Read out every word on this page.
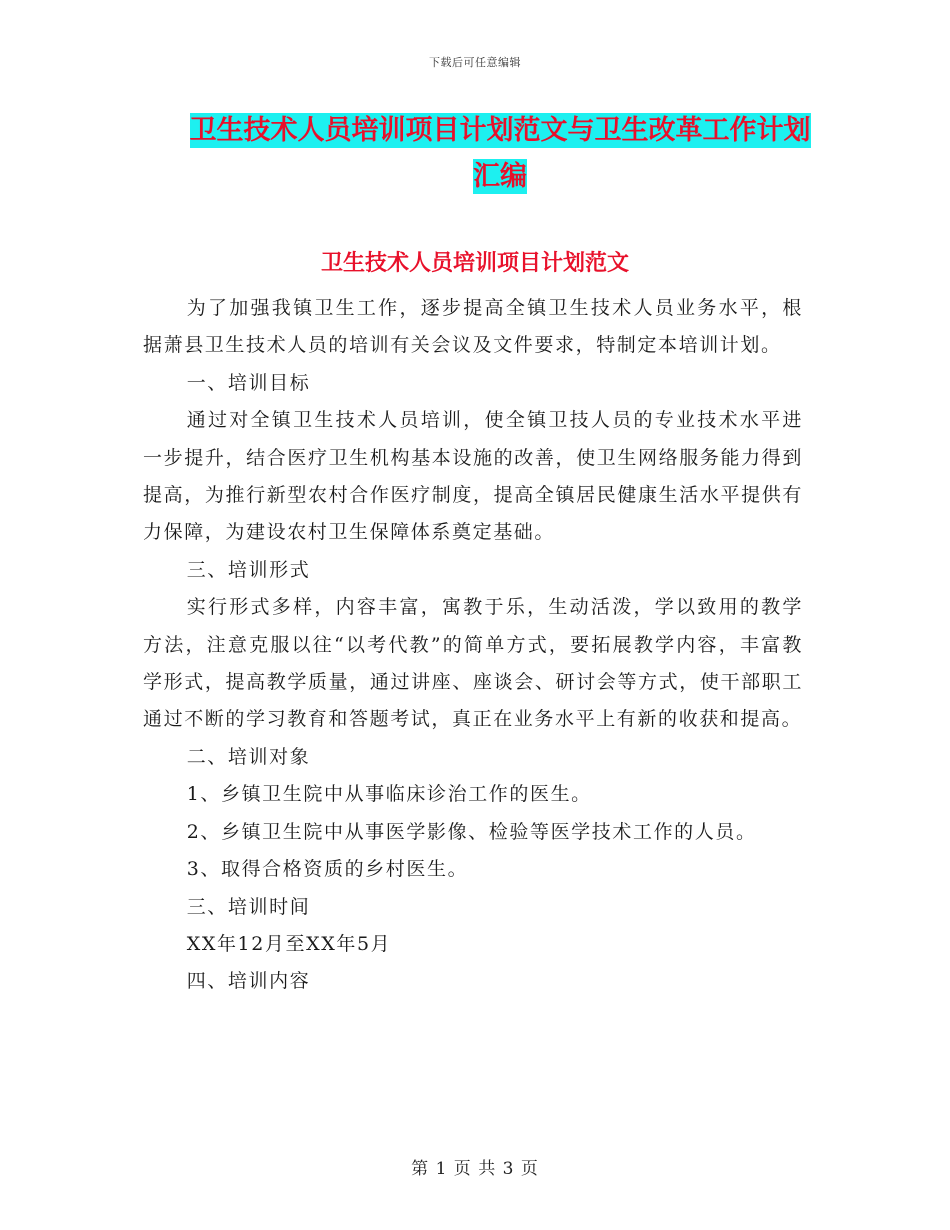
下载后可任意编辑
卫生技术人员培训项目计划范文与卫生改革工作计划
汇编
卫生技术人员培训项目计划范文

为了加强我镇卫生工作，逐步提高全镇卫生技术人员业务水平，根据萧县卫生技术人员的培训有关会议及文件要求，特制定本培训计划。

一、培训目标

通过对全镇卫生技术人员培训，使全镇卫技人员的专业技术水平进一步提升，结合医疗卫生机构基本设施的改善，使卫生网络服务能力得到提高，为推行新型农村合作医疗制度，提高全镇居民健康生活水平提供有力保障，为建设农村卫生保障体系奠定基础。

三、培训形式

实行形式多样，内容丰富，寓教于乐，生动活泼，学以致用的教学方法，注意克服以往“以考代教”的简单方式，要拓展教学内容，丰富教学形式，提高教学质量，通过讲座、座谈会、研讨会等方式，使干部职工通过不断的学习教育和答题考试，真正在业务水平上有新的收获和提高。

二、培训对象

1、乡镇卫生院中从事临床诊治工作的医生。

2、乡镇卫生院中从事医学影像、检验等医学技术工作的人员。

3、取得合格资质的乡村医生。

三、培训时间

XX年12月至XX年5月

四、培训内容

第 1 页 共 3 页
